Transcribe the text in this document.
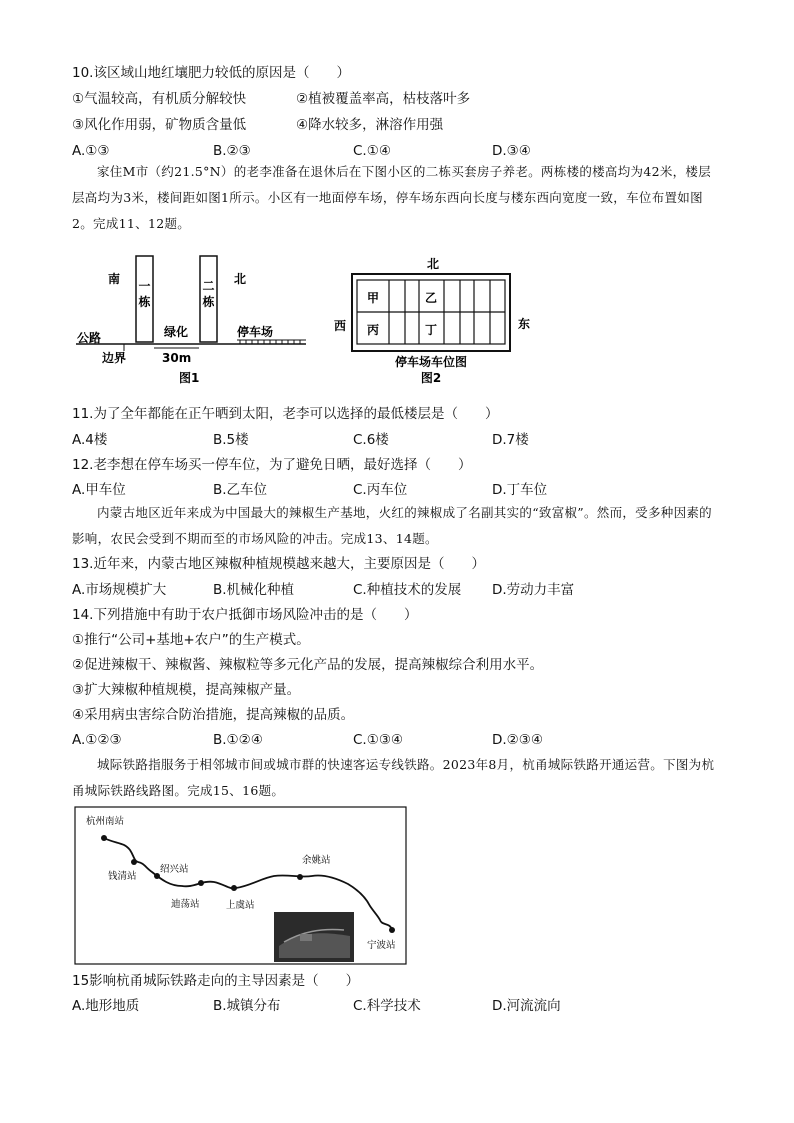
10.该区域山地红壤肥力较低的原因是（　　）
①气温较高，有机质分解较快	②植被覆盖率高，枯枝落叶多
③风化作用弱，矿物质含量低	④降水较多，淋溶作用强
A.①③	B.②③	C.①④	D.③④
家住M市（约21.5°N）的老李准备在退休后在下图小区的二栋买套房子养老。两栋楼的楼高均为42米，楼层层高均为3米，楼间距如图1所示。小区有一地面停车场，停车场东西向长度与楼东西向宽度一致，车位布置如图2。完成11、12题。
南	北
一
栋
二
栋
公路	绿化	停车场
边界	30m
图1
北
西	东
甲	乙
丙	丁
停车场车位图
图2
11.为了全年都能在正午晒到太阳，老李可以选择的最低楼层是（　　）
A.4楼	B.5楼	C.6楼	D.7楼
12.老李想在停车场买一停车位，为了避免日晒，最好选择（　　）
A.甲车位	B.乙车位	C.丙车位	D.丁车位
内蒙古地区近年来成为中国最大的辣椒生产基地，火红的辣椒成了名副其实的“致富椒”。然而，受多种因素的影响，农民会受到不期而至的市场风险的冲击。完成13、14题。
13.近年来，内蒙古地区辣椒种植规模越来越大，主要原因是（　　）
A.市场规模扩大	B.机械化种植	C.种植技术的发展 D.劳动力丰富
14.下列措施中有助于农户抵御市场风险冲击的是（　　）
①推行“公司+基地+农户”的生产模式。
②促进辣椒干、辣椒酱、辣椒粒等多元化产品的发展，提高辣椒综合利用水平。
③扩大辣椒种植规模，提高辣椒产量。
④采用病虫害综合防治措施，提高辣椒的品质。
A.①②③	B.①②④	C.①③④	D.②③④
城际铁路指服务于相邻城市间或城市群的快速客运专线铁路。2023年8月，杭甬城际铁路开通运营。下图为杭甬城际铁路线路图。完成15、16题。
杭州南站
钱清站
绍兴站
迪荡站	上虞站
余姚站
宁波站
15影响杭甬城际铁路走向的主导因素是（　　）
A.地形地质	B.城镇分布	C.科学技术	D.河流流向
